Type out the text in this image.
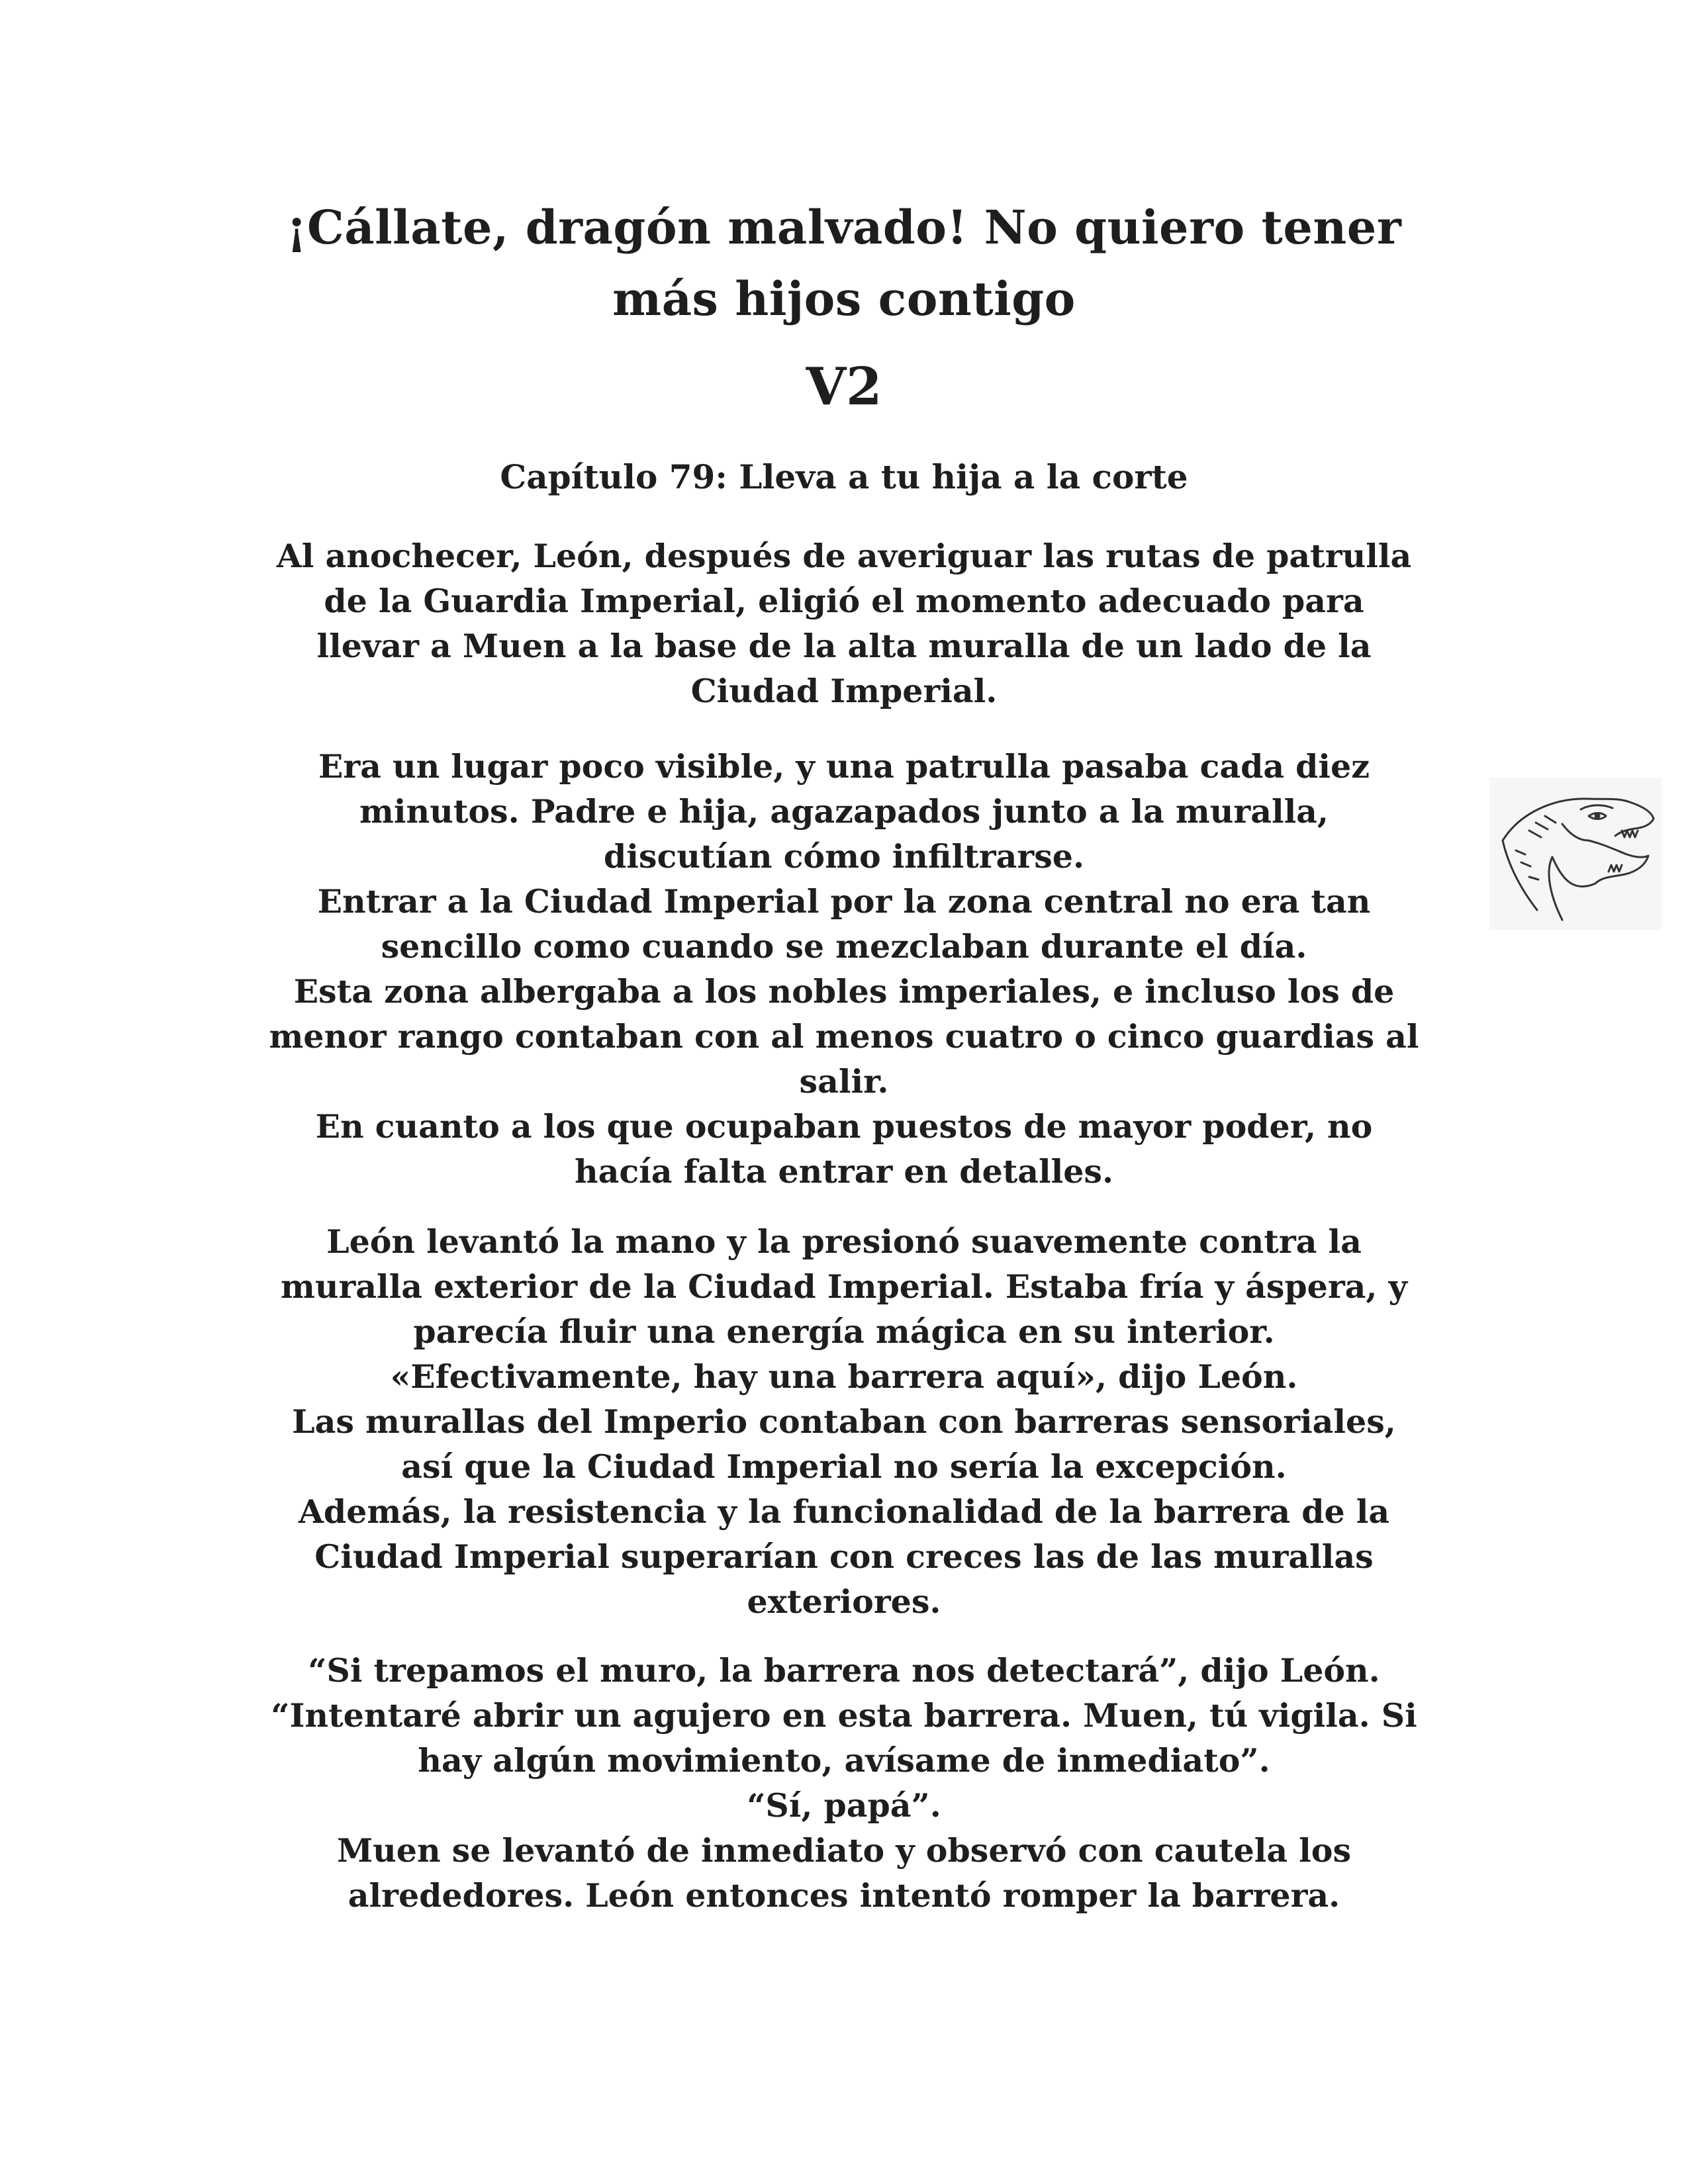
¡Cállate, dragón malvado! No quiero tener
más hijos contigo
V2
Capítulo 79: Lleva a tu hija a la corte
Al anochecer, León, después de averiguar las rutas de patrulla
de la Guardia Imperial, eligió el momento adecuado para
llevar a Muen a la base de la alta muralla de un lado de la
Ciudad Imperial.
Era un lugar poco visible, y una patrulla pasaba cada diez
minutos. Padre e hija, agazapados junto a la muralla,
discutían cómo infiltrarse.
Entrar a la Ciudad Imperial por la zona central no era tan
sencillo como cuando se mezclaban durante el día.
Esta zona albergaba a los nobles imperiales, e incluso los de
menor rango contaban con al menos cuatro o cinco guardias al
salir.
En cuanto a los que ocupaban puestos de mayor poder, no
hacía falta entrar en detalles.
León levantó la mano y la presionó suavemente contra la
muralla exterior de la Ciudad Imperial. Estaba fría y áspera, y
parecía fluir una energía mágica en su interior.
«Efectivamente, hay una barrera aquí», dijo León.
Las murallas del Imperio contaban con barreras sensoriales,
así que la Ciudad Imperial no sería la excepción.
Además, la resistencia y la funcionalidad de la barrera de la
Ciudad Imperial superarían con creces las de las murallas
exteriores.
“Si trepamos el muro, la barrera nos detectará”, dijo León.
“Intentaré abrir un agujero en esta barrera. Muen, tú vigila. Si
hay algún movimiento, avísame de inmediato”.
“Sí, papá”.
Muen se levantó de inmediato y observó con cautela los
alrededores. León entonces intentó romper la barrera.
